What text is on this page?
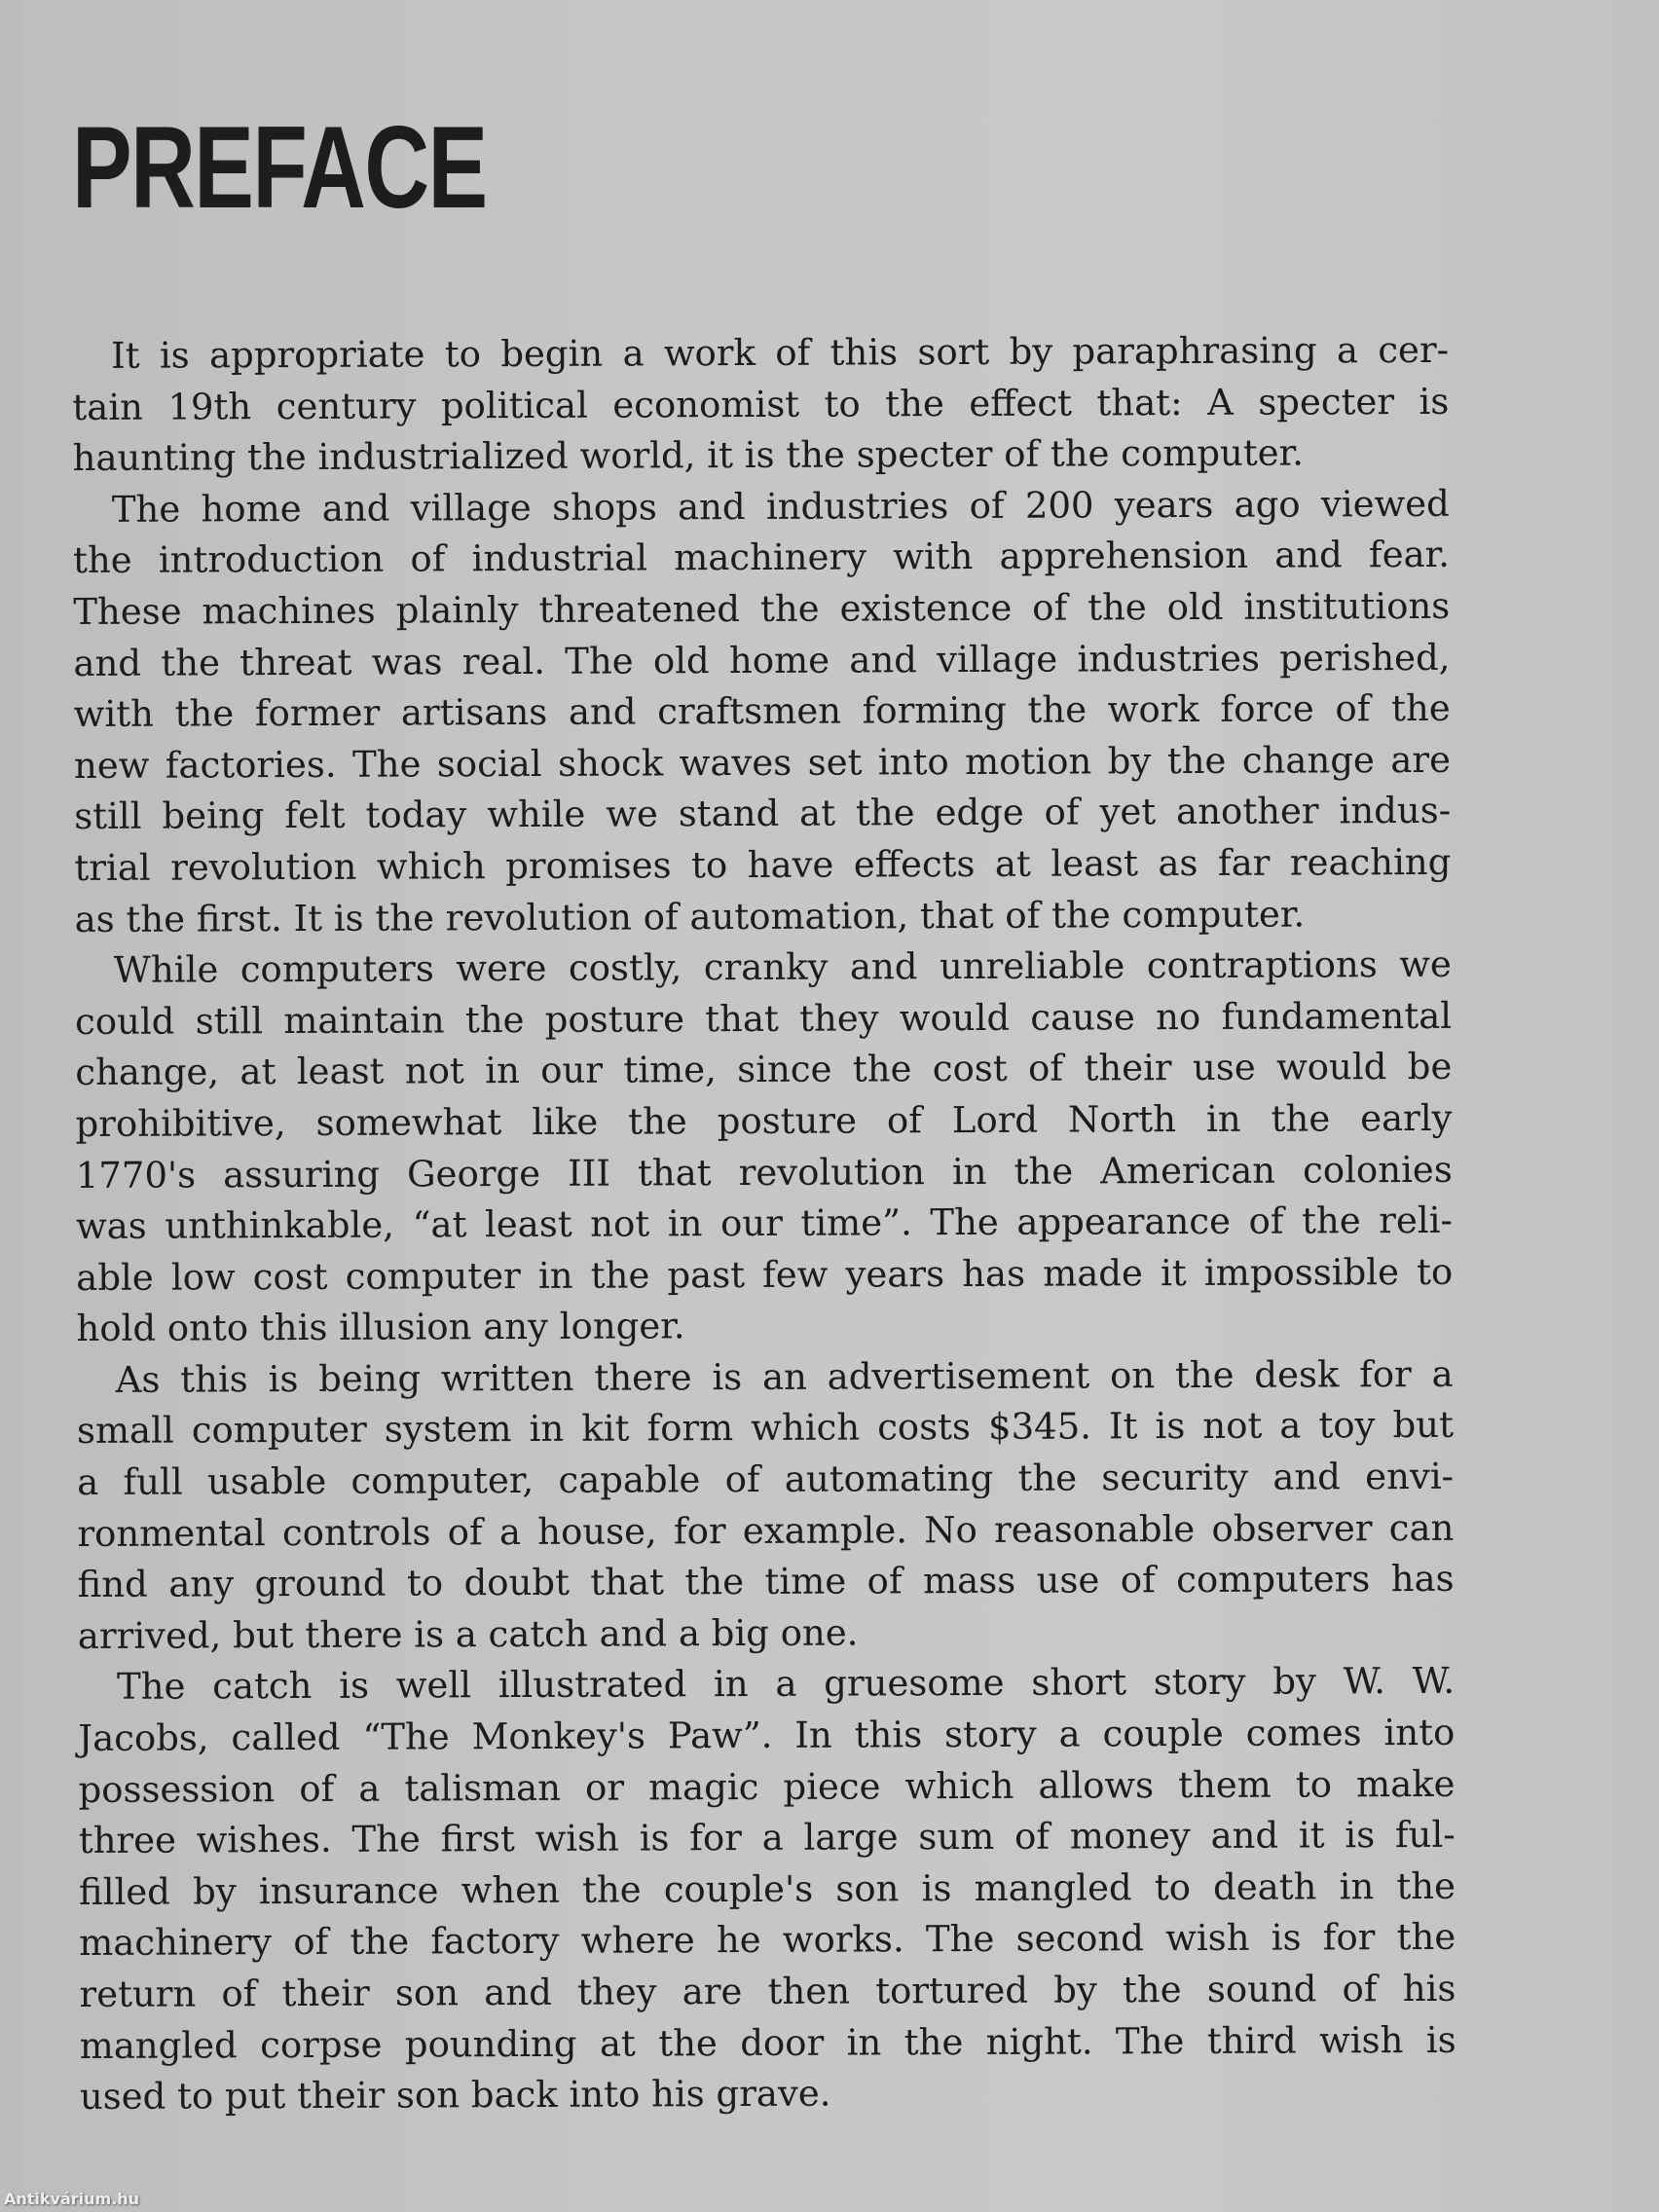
PREFACE
It is appropriate to begin a work of this sort by paraphrasing a cer-
tain 19th century political economist to the effect that: A specter is
haunting the industrialized world, it is the specter of the computer.
The home and village shops and industries of 200 years ago viewed
the introduction of industrial machinery with apprehension and fear.
These machines plainly threatened the existence of the old institutions
and the threat was real. The old home and village industries perished,
with the former artisans and craftsmen forming the work force of the
new factories. The social shock waves set into motion by the change are
still being felt today while we stand at the edge of yet another indus-
trial revolution which promises to have effects at least as far reaching
as the first. It is the revolution of automation, that of the computer.
While computers were costly, cranky and unreliable contraptions we
could still maintain the posture that they would cause no fundamental
change, at least not in our time, since the cost of their use would be
prohibitive, somewhat like the posture of Lord North in the early
1770's assuring George III that revolution in the American colonies
was unthinkable, “at least not in our time”. The appearance of the reli-
able low cost computer in the past few years has made it impossible to
hold onto this illusion any longer.
As this is being written there is an advertisement on the desk for a
small computer system in kit form which costs $345. It is not a toy but
a full usable computer, capable of automating the security and envi-
ronmental controls of a house, for example. No reasonable observer can
find any ground to doubt that the time of mass use of computers has
arrived, but there is a catch and a big one.
The catch is well illustrated in a gruesome short story by W. W.
Jacobs, called “The Monkey's Paw”. In this story a couple comes into
possession of a talisman or magic piece which allows them to make
three wishes. The first wish is for a large sum of money and it is ful-
filled by insurance when the couple's son is mangled to death in the
machinery of the factory where he works. The second wish is for the
return of their son and they are then tortured by the sound of his
mangled corpse pounding at the door in the night. The third wish is
used to put their son back into his grave.
Antikvárium.hu
